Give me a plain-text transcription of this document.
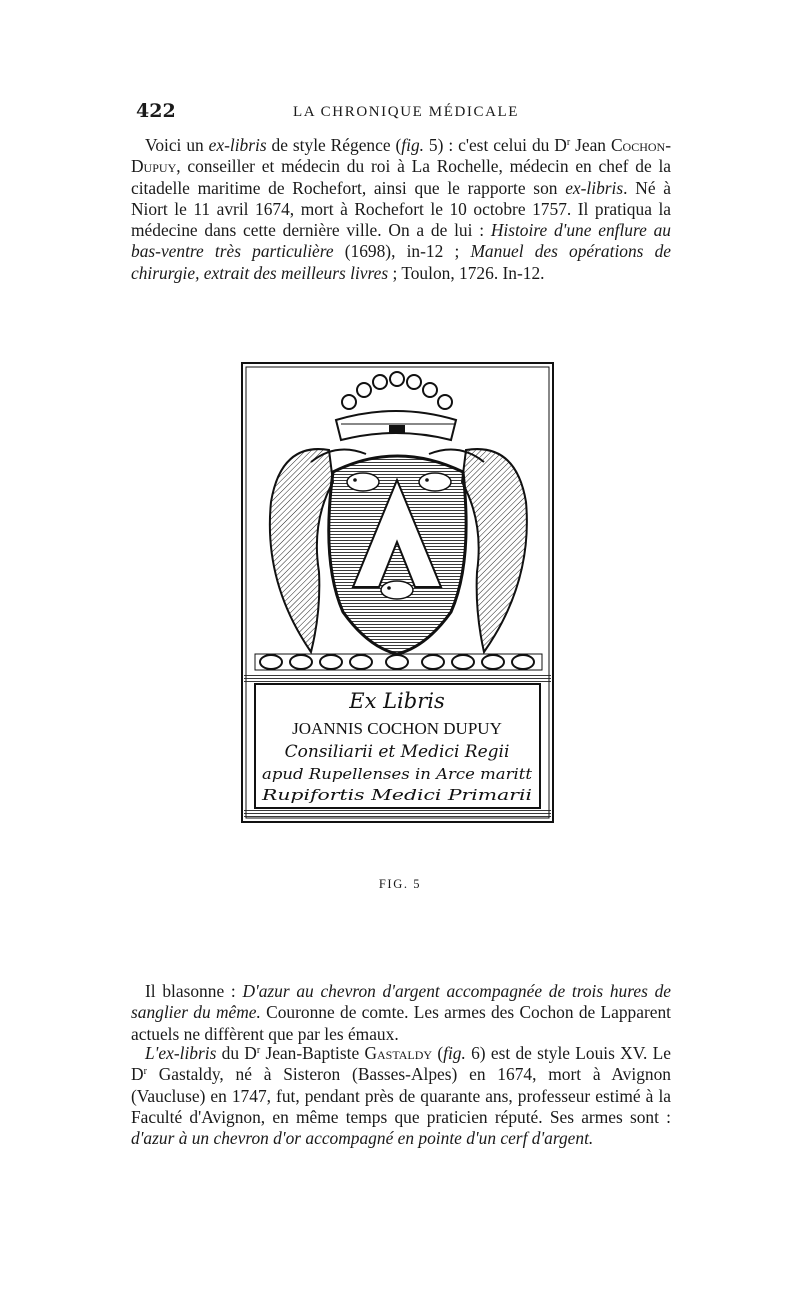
422	LA CHRONIQUE MÉDICALE

Voici un ex-libris de style Régence (fig. 5) : c'est celui du $D^r$ Jean Cochon-Dupuy, conseiller et médecin du roi à La Rochelle, médecin en chef de la citadelle maritime de Rochefort, ainsi que le rapporte son ex-libris. Né à Niort le 11 avril 1674, mort à Rochefort le 10 octobre 1757. Il pratiqua la médecine dans cette dernière ville. On a de lui : Histoire d'une enflure au bas-ventre très particulière (1698), in-12 ; Manuel des opérations de chirurgie, extrait des meilleurs livres ; Toulon, 1726. In-12.

Ex Libris
JOANNIS COCHON DUPUY
Consiliarii et Medici Regii
apud Rupellenses in Arce maritt
Rupifortis Medici Primarii
FIG. 5

Il blasonne : D'azur au chevron d'argent accompagnée de trois hures de sanglier du même. Couronne de comte. Les armes des Cochon de Lapparent actuels ne diffèrent que par les émaux.

L'ex-libris du $D^r$ Jean-Baptiste Gastaldy (fig. 6) est de style Louis XV. Le $D^r$ Gastaldy, né à Sisteron (Basses-Alpes) en 1674, mort à Avignon (Vaucluse) en 1747, fut, pendant près de quarante ans, professeur estimé à la Faculté d'Avignon, en même temps que praticien réputé. Ses armes sont : d'azur à un chevron d'or accompagné en pointe d'un cerf d'argent.
